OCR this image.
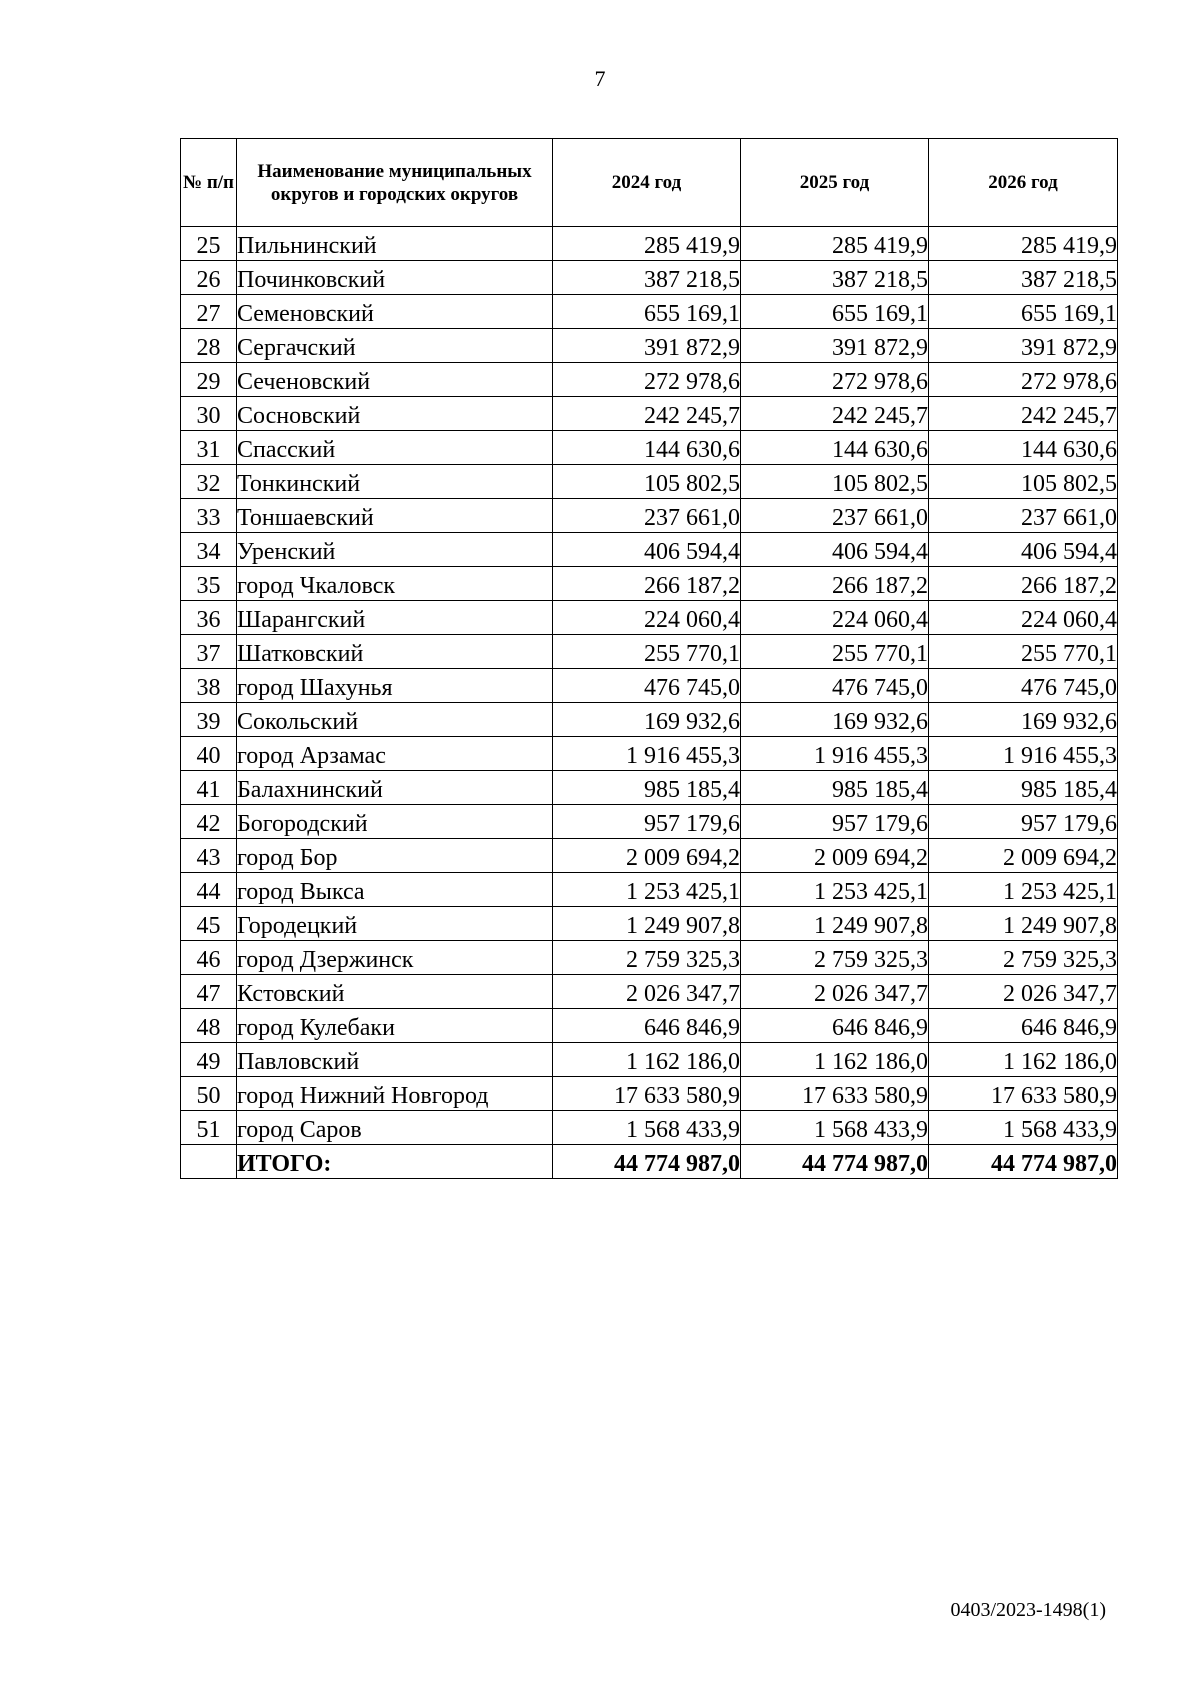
7
№ п/п	Наименование муниципальных округов и городских округов	2024 год	2025 год	2026 год
25	Пильнинский	285 419,9	285 419,9	285 419,9
26	Починковский	387 218,5	387 218,5	387 218,5
27	Семеновский	655 169,1	655 169,1	655 169,1
28	Сергачский	391 872,9	391 872,9	391 872,9
29	Сеченовский	272 978,6	272 978,6	272 978,6
30	Сосновский	242 245,7	242 245,7	242 245,7
31	Спасский	144 630,6	144 630,6	144 630,6
32	Тонкинский	105 802,5	105 802,5	105 802,5
33	Тоншаевский	237 661,0	237 661,0	237 661,0
34	Уренский	406 594,4	406 594,4	406 594,4
35	город Чкаловск	266 187,2	266 187,2	266 187,2
36	Шарангский	224 060,4	224 060,4	224 060,4
37	Шатковский	255 770,1	255 770,1	255 770,1
38	город Шахунья	476 745,0	476 745,0	476 745,0
39	Сокольский	169 932,6	169 932,6	169 932,6
40	город Арзамас	1 916 455,3	1 916 455,3	1 916 455,3
41	Балахнинский	985 185,4	985 185,4	985 185,4
42	Богородский	957 179,6	957 179,6	957 179,6
43	город Бор	2 009 694,2	2 009 694,2	2 009 694,2
44	город Выкса	1 253 425,1	1 253 425,1	1 253 425,1
45	Городецкий	1 249 907,8	1 249 907,8	1 249 907,8
46	город Дзержинск	2 759 325,3	2 759 325,3	2 759 325,3
47	Кстовский	2 026 347,7	2 026 347,7	2 026 347,7
48	город Кулебаки	646 846,9	646 846,9	646 846,9
49	Павловский	1 162 186,0	1 162 186,0	1 162 186,0
50	город Нижний Новгород	17 633 580,9	17 633 580,9	17 633 580,9
51	город Саров	1 568 433,9	1 568 433,9	1 568 433,9
	ИТОГО:	44 774 987,0	44 774 987,0	44 774 987,0
0403/2023-1498(1)
